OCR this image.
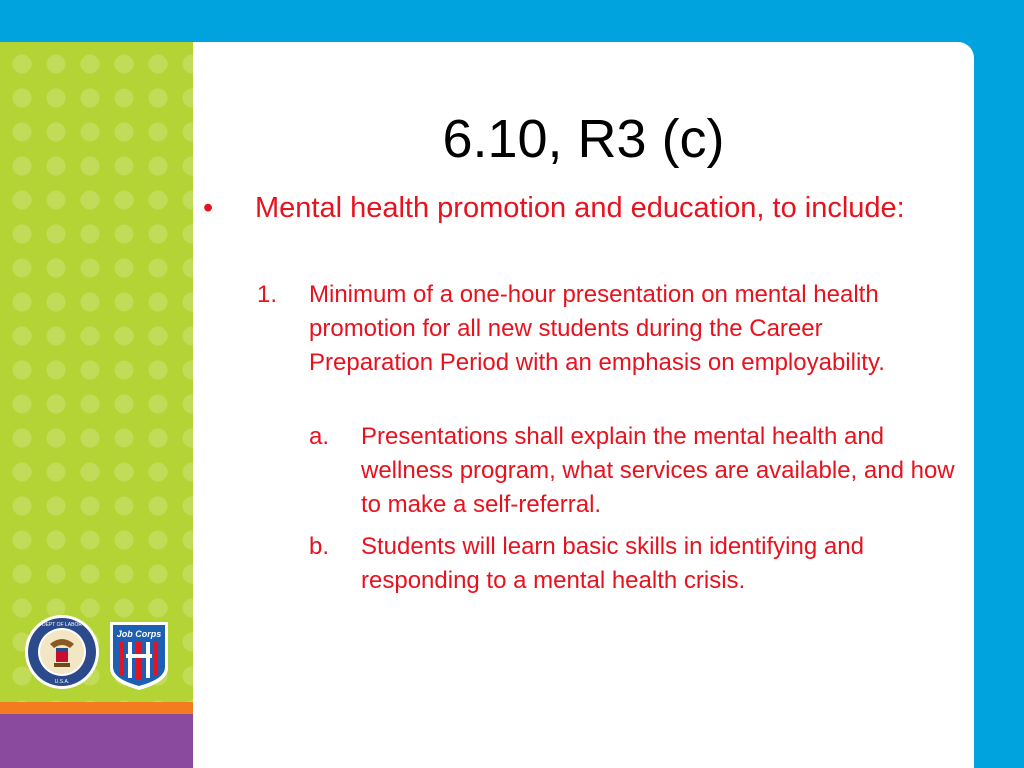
DEPT OF LABOR
U.S.A.
Job Corps
6.10, R3 (c)
• Mental health promotion and education, to include:
1. Minimum of a one-hour presentation on mental health promotion for all new students during the Career Preparation Period with an emphasis on employability.
a. Presentations shall explain the mental health and wellness program, what services are available, and how to make a self-referral.
b. Students will learn basic skills in identifying and responding to a mental health crisis.
